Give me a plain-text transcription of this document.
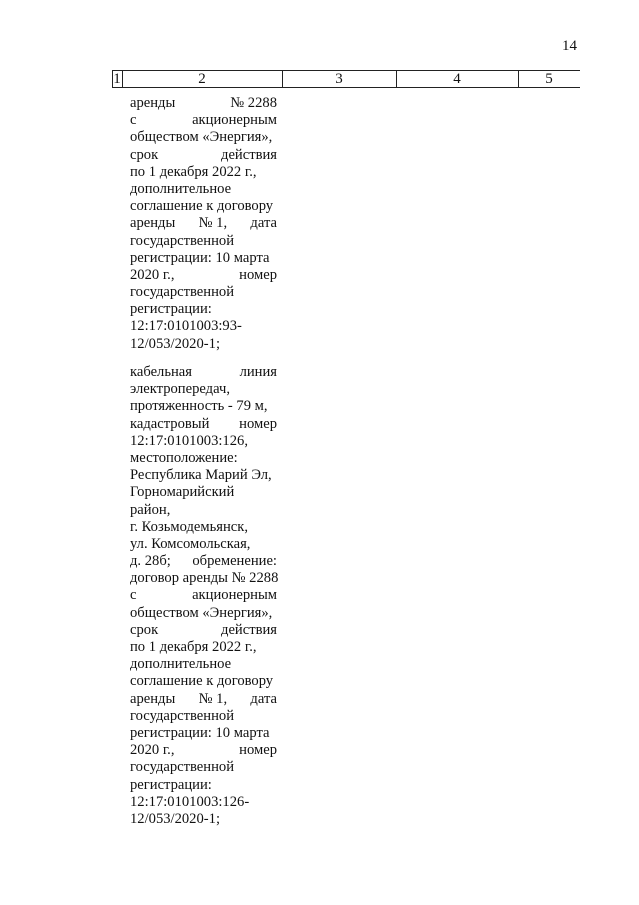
14
1	2	3	4	5
аренды	№ 2288
с	акционерным
обществом «Энергия»,
срок	действия
по 1 декабря 2022 г.,
дополнительное
соглашение к договору
аренды № 1, дата
государственной
регистрации: 10 марта
2020 г.,	номер
государственной
регистрации:
12:17:0101003:93-
12/053/2020-1;
кабельная	линия
электропередач,
протяженность - 79 м,
кадастровый номер
12:17:0101003:126,
местоположение:
Республика Марий Эл,
Горномарийский
район,
г. Козьмодемьянск,
ул. Комсомольская,
д. 28б; обременение:
договор аренды № 2288
с	акционерным
обществом «Энергия»,
срок	действия
по 1 декабря 2022 г.,
дополнительное
соглашение к договору
аренды № 1, дата
государственной
регистрации: 10 марта
2020 г.,	номер
государственной
регистрации:
12:17:0101003:126-
12/053/2020-1;
